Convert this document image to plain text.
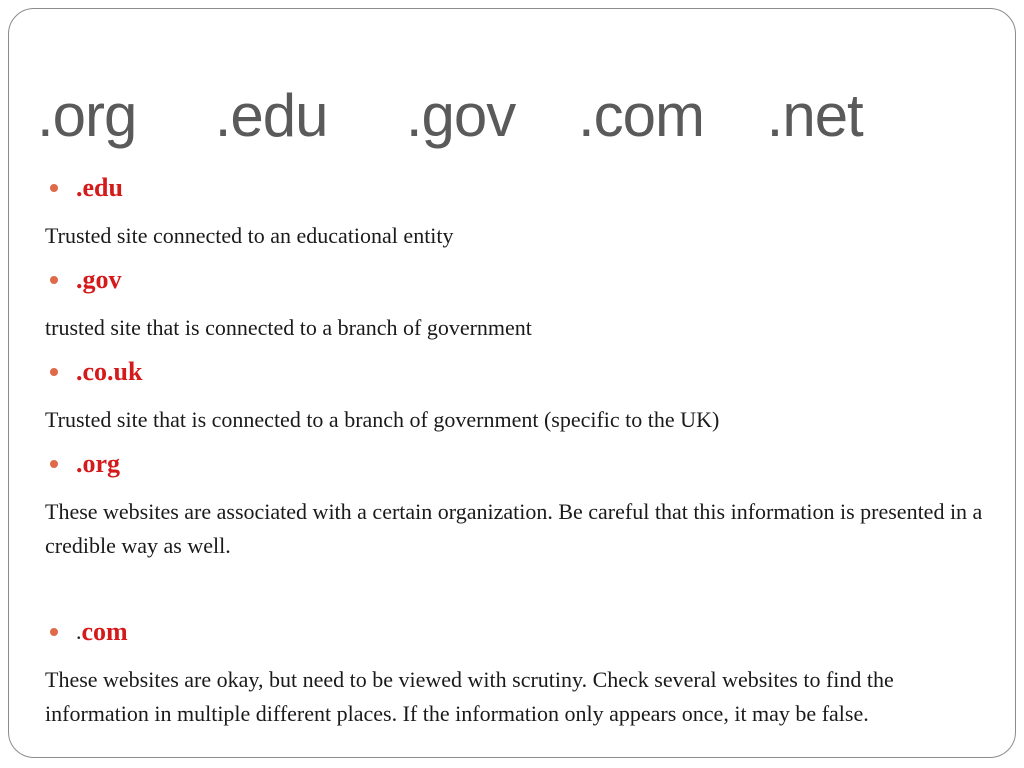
.org     .edu     .gov    .com    .net
.edu

Trusted site connected to an educational entity

.gov

trusted site that is connected to a branch of government

.co.uk

Trusted site that is connected to a branch of government (specific to the UK)

.org

These websites are associated with a certain organization. Be careful that this information is presented in a credible way as well.

. com

These websites are okay, but need to be viewed with scrutiny. Check several websites to find the information in multiple different places. If the information only appears once, it may be false.
